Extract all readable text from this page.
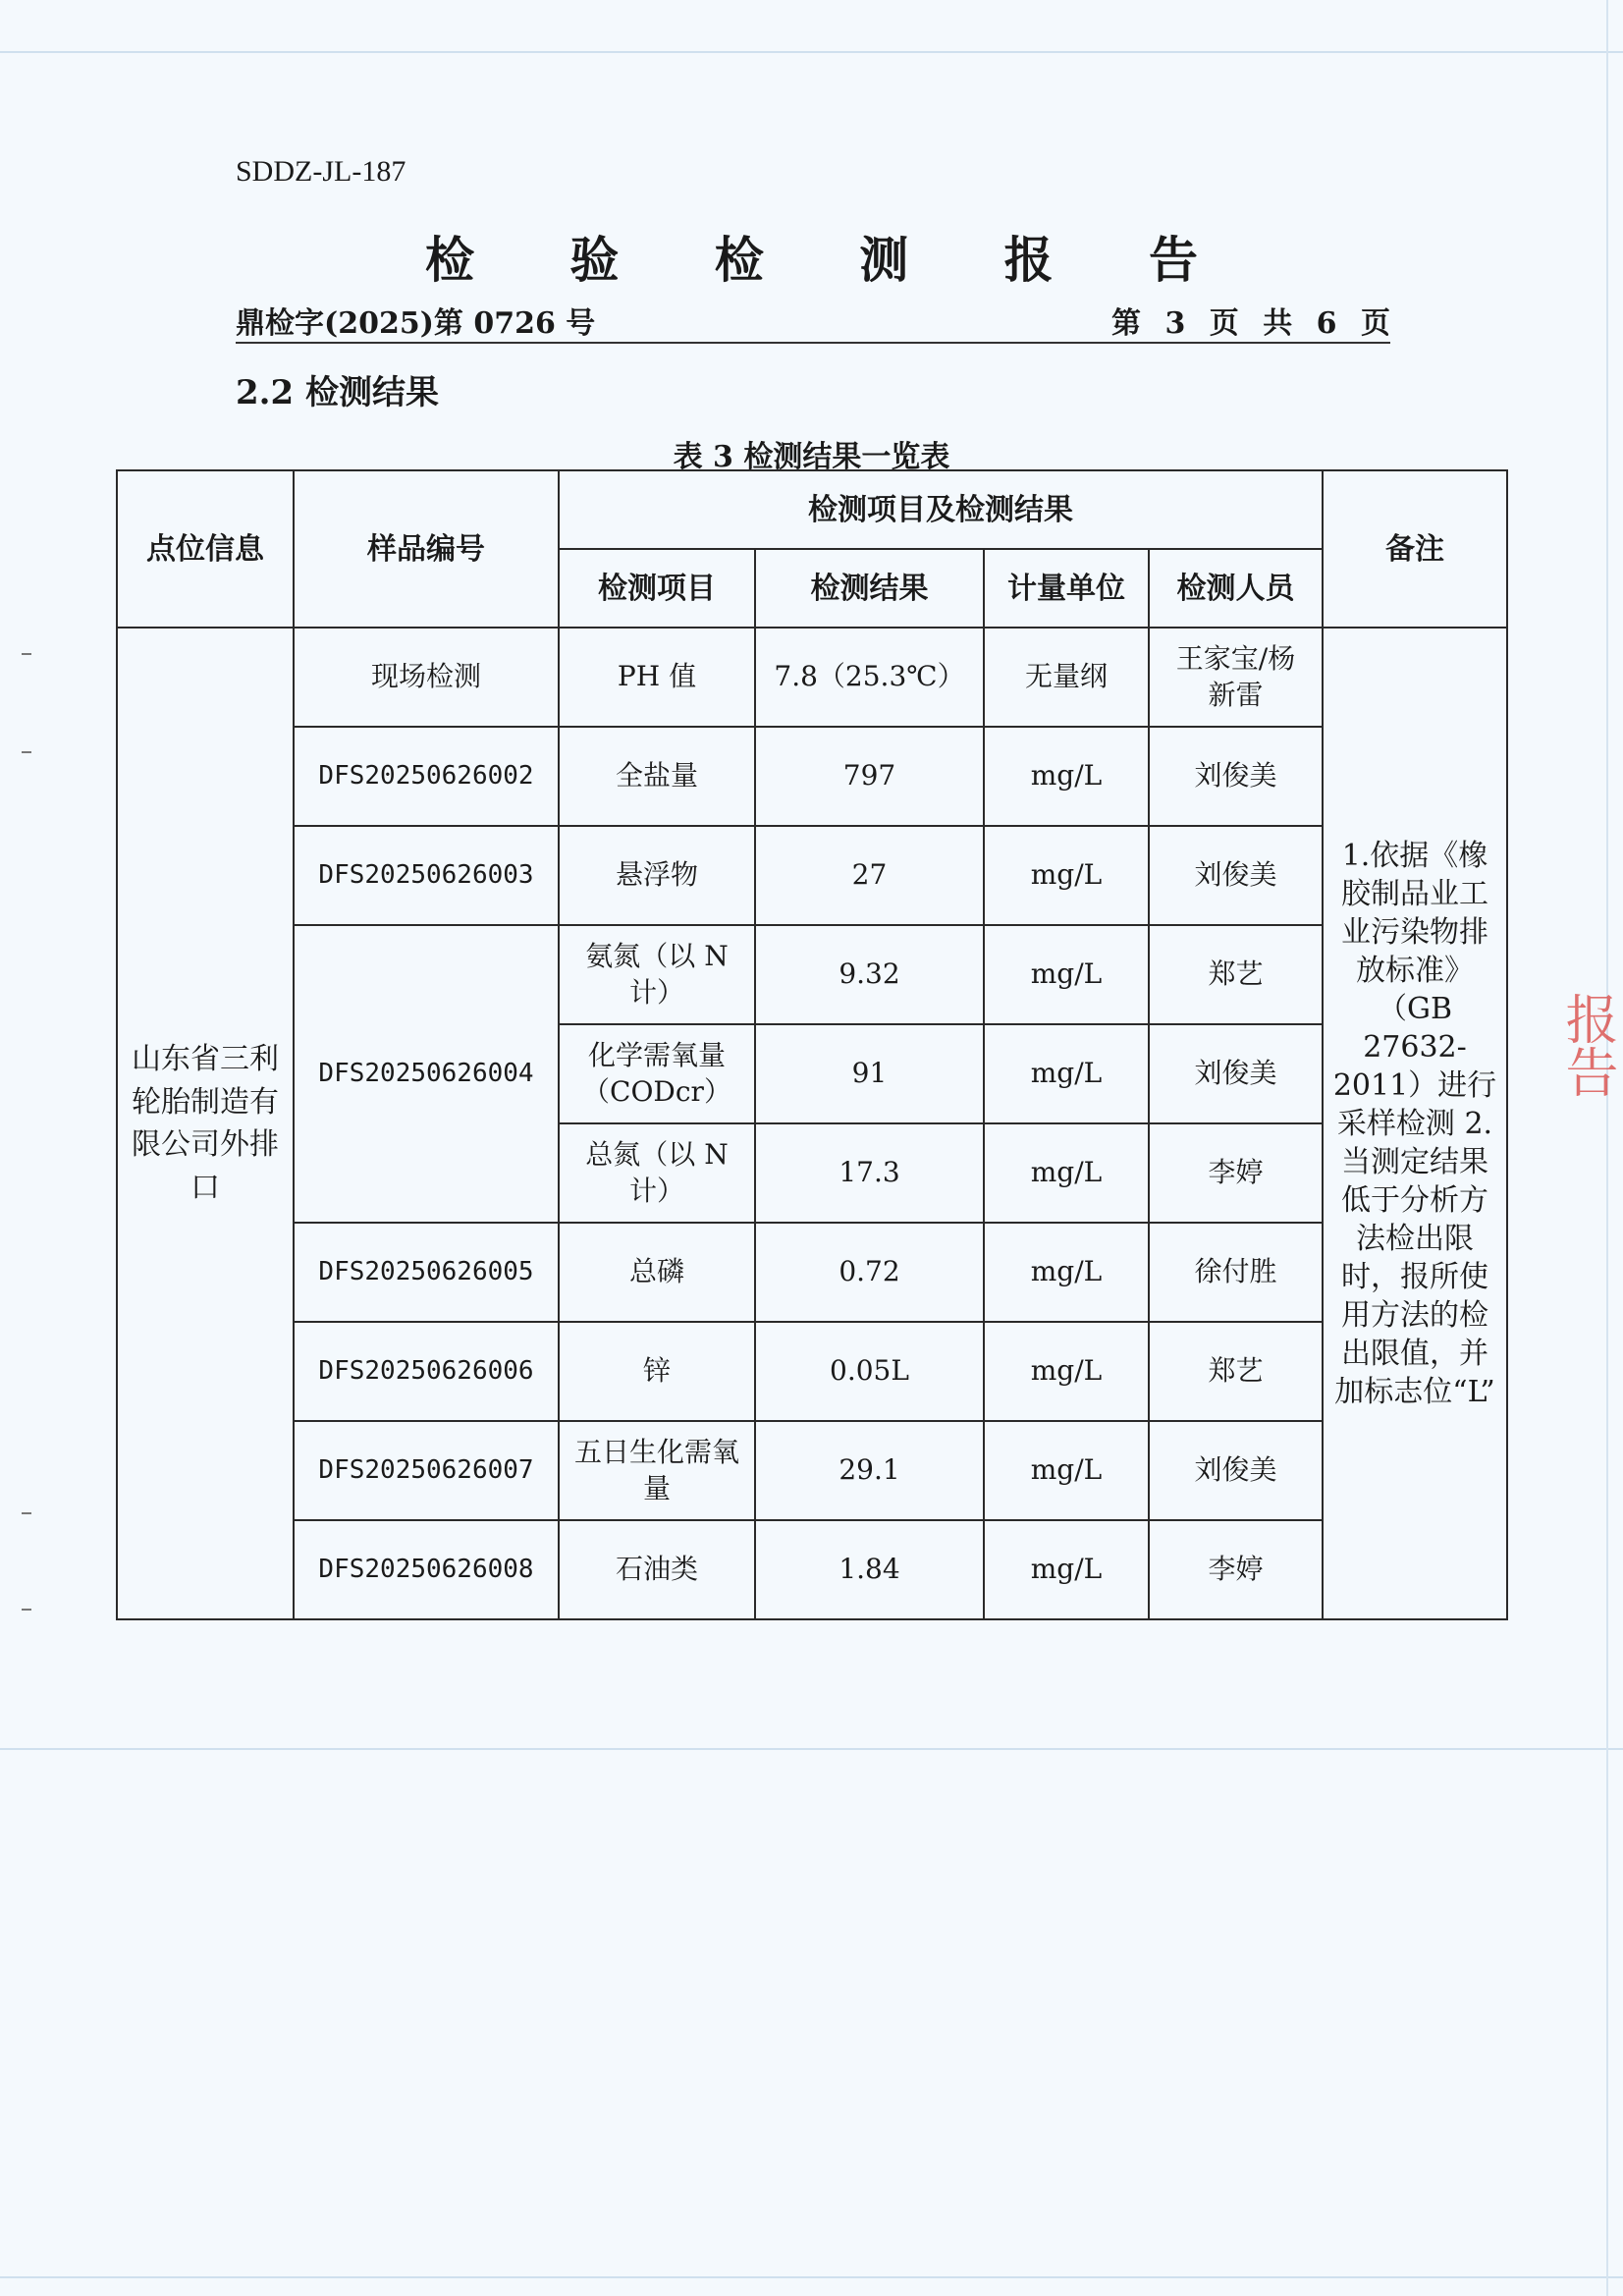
SDDZ-JL-187
检 验 检 测 报 告
鼎检字(2025)第 0726 号	第 3 页 共 6 页
2.2 检测结果
表 3 检测结果一览表
点位信息	样品编号	检测项目及检测结果				备注
		检测项目	检测结果	计量单位	检测人员	
山东省三利轮胎制造有限公司外排口	现场检测	PH 值	7.8（25.3℃）	无量纲	王家宝/杨新雷	1.依据《橡胶制品业工业污染物排放标准》（GB 27632-2011）进行采样检测 2.当测定结果低于分析方法检出限时，报所使用方法的检出限值，并加标志位“L”
	DFS20250626002	全盐量	797	mg/L	刘俊美	
	DFS20250626003	悬浮物	27	mg/L	刘俊美	
	DFS20250626004	氨氮（以 N 计）	9.32	mg/L	郑艺	
		化学需氧量（CODcr）	91	mg/L	刘俊美	
		总氮（以 N 计）	17.3	mg/L	李婷	
	DFS20250626005	总磷	0.72	mg/L	徐付胜	
	DFS20250626006	锌	0.05L	mg/L	郑艺	
	DFS20250626007	五日生化需氧量	29.1	mg/L	刘俊美	
	DFS20250626008	石油类	1.84	mg/L	李婷	
报告
